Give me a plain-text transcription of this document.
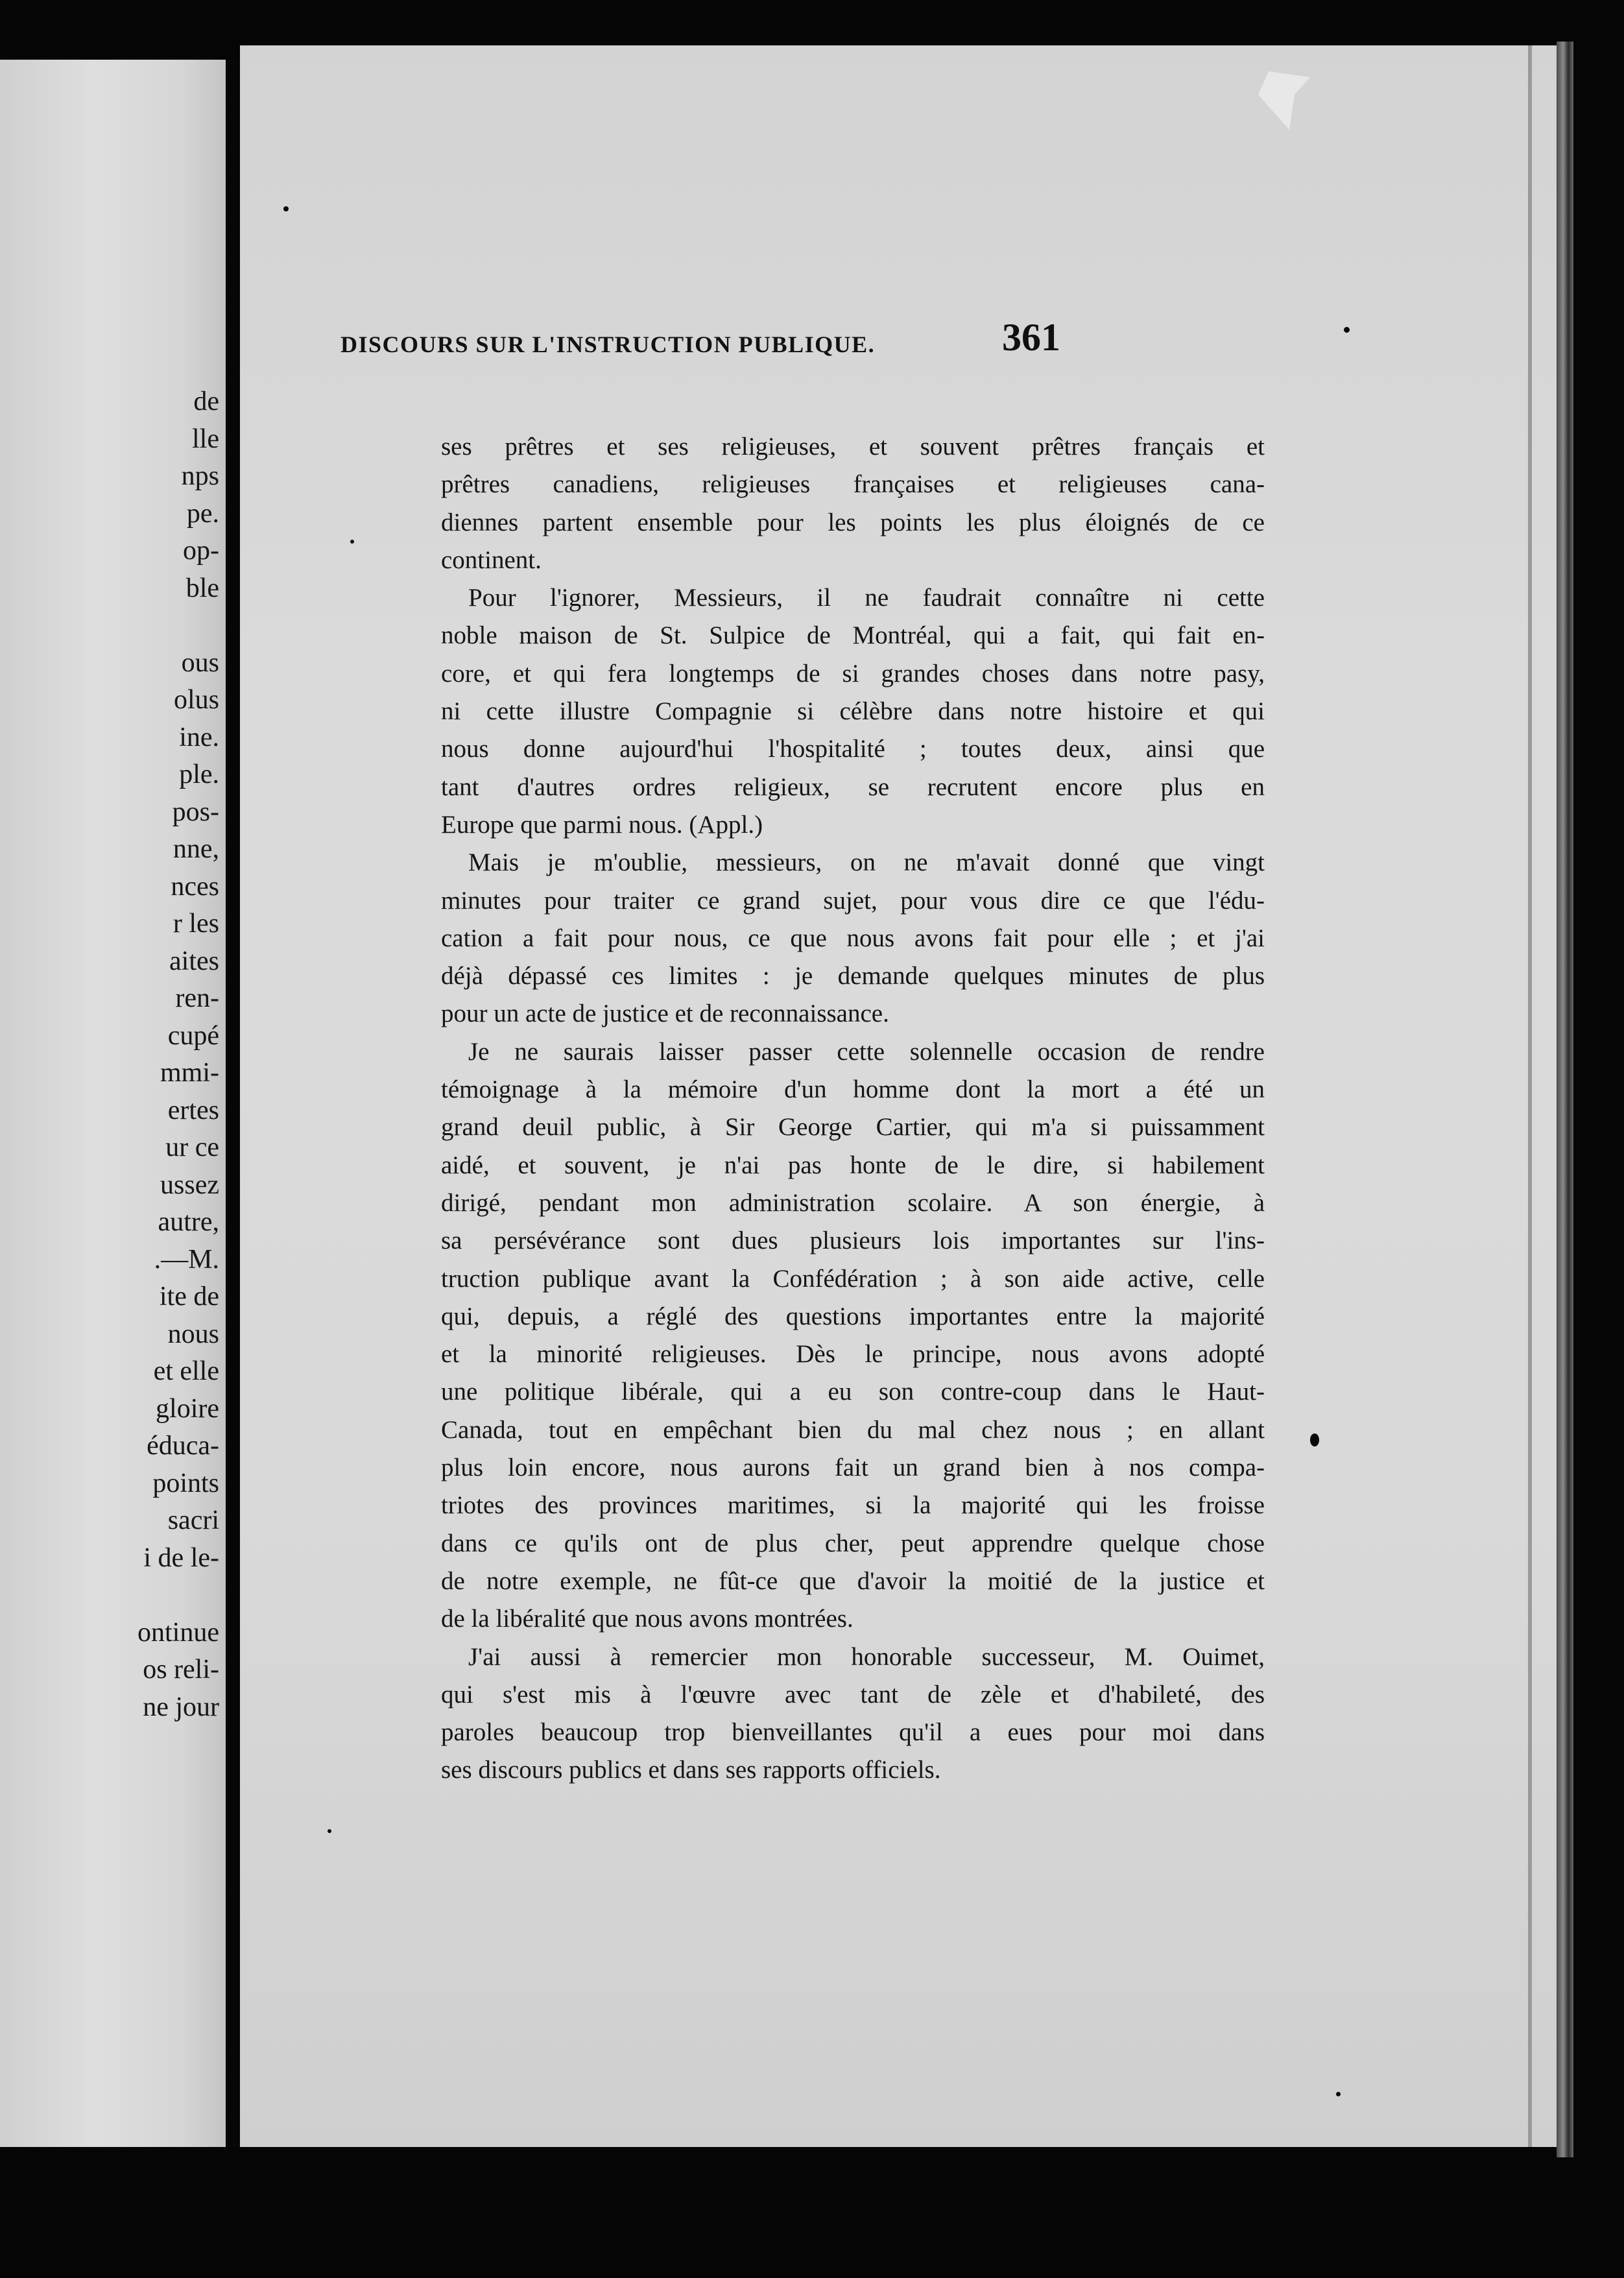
de
lle
nps
pe.
op-
ble
ous
olus
ine.
ple.
pos-
nne,
nces
r les
aites
ren-
cupé
mmi-
ertes
ur ce
ussez
autre,
.—M.
ite de
nous
et elle
gloire
éduca-
points
sacri
i de le-
ontinue
os reli-
ne jour
DISCOURS SUR L'INSTRUCTION PUBLIQUE.	361
ses prêtres et ses religieuses, et souvent prêtres français et
prêtres canadiens, religieuses françaises et religieuses cana-
diennes partent ensemble pour les points les plus éloignés de ce
continent.
Pour l'ignorer, Messieurs, il ne faudrait connaître ni cette
noble maison de St. Sulpice de Montréal, qui a fait, qui fait en-
core, et qui fera longtemps de si grandes choses dans notre pasy,
ni cette illustre Compagnie si célèbre dans notre histoire et qui
nous donne aujourd'hui l'hospitalité ; toutes deux, ainsi que
tant d'autres ordres religieux, se recrutent encore plus en
Europe que parmi nous. (Appl.)
Mais je m'oublie, messieurs, on ne m'avait donné que vingt
minutes pour traiter ce grand sujet, pour vous dire ce que l'édu-
cation a fait pour nous, ce que nous avons fait pour elle ; et j'ai
déjà dépassé ces limites : je demande quelques minutes de plus
pour un acte de justice et de reconnaissance.
Je ne saurais laisser passer cette solennelle occasion de rendre
témoignage à la mémoire d'un homme dont la mort a été un
grand deuil public, à Sir George Cartier, qui m'a si puissamment
aidé, et souvent, je n'ai pas honte de le dire, si habilement
dirigé, pendant mon administration scolaire. A son énergie, à
sa persévérance sont dues plusieurs lois importantes sur l'ins-
truction publique avant la Confédération ; à son aide active, celle
qui, depuis, a réglé des questions importantes entre la majorité
et la minorité religieuses. Dès le principe, nous avons adopté
une politique libérale, qui a eu son contre-coup dans le Haut-
Canada, tout en empêchant bien du mal chez nous ; en allant
plus loin encore, nous aurons fait un grand bien à nos compa-
triotes des provinces maritimes, si la majorité qui les froisse
dans ce qu'ils ont de plus cher, peut apprendre quelque chose
de notre exemple, ne fût-ce que d'avoir la moitié de la justice et
de la libéralité que nous avons montrées.
J'ai aussi à remercier mon honorable successeur, M. Ouimet,
qui s'est mis à l'œuvre avec tant de zèle et d'habileté, des
paroles beaucoup trop bienveillantes qu'il a eues pour moi dans
ses discours publics et dans ses rapports officiels.
